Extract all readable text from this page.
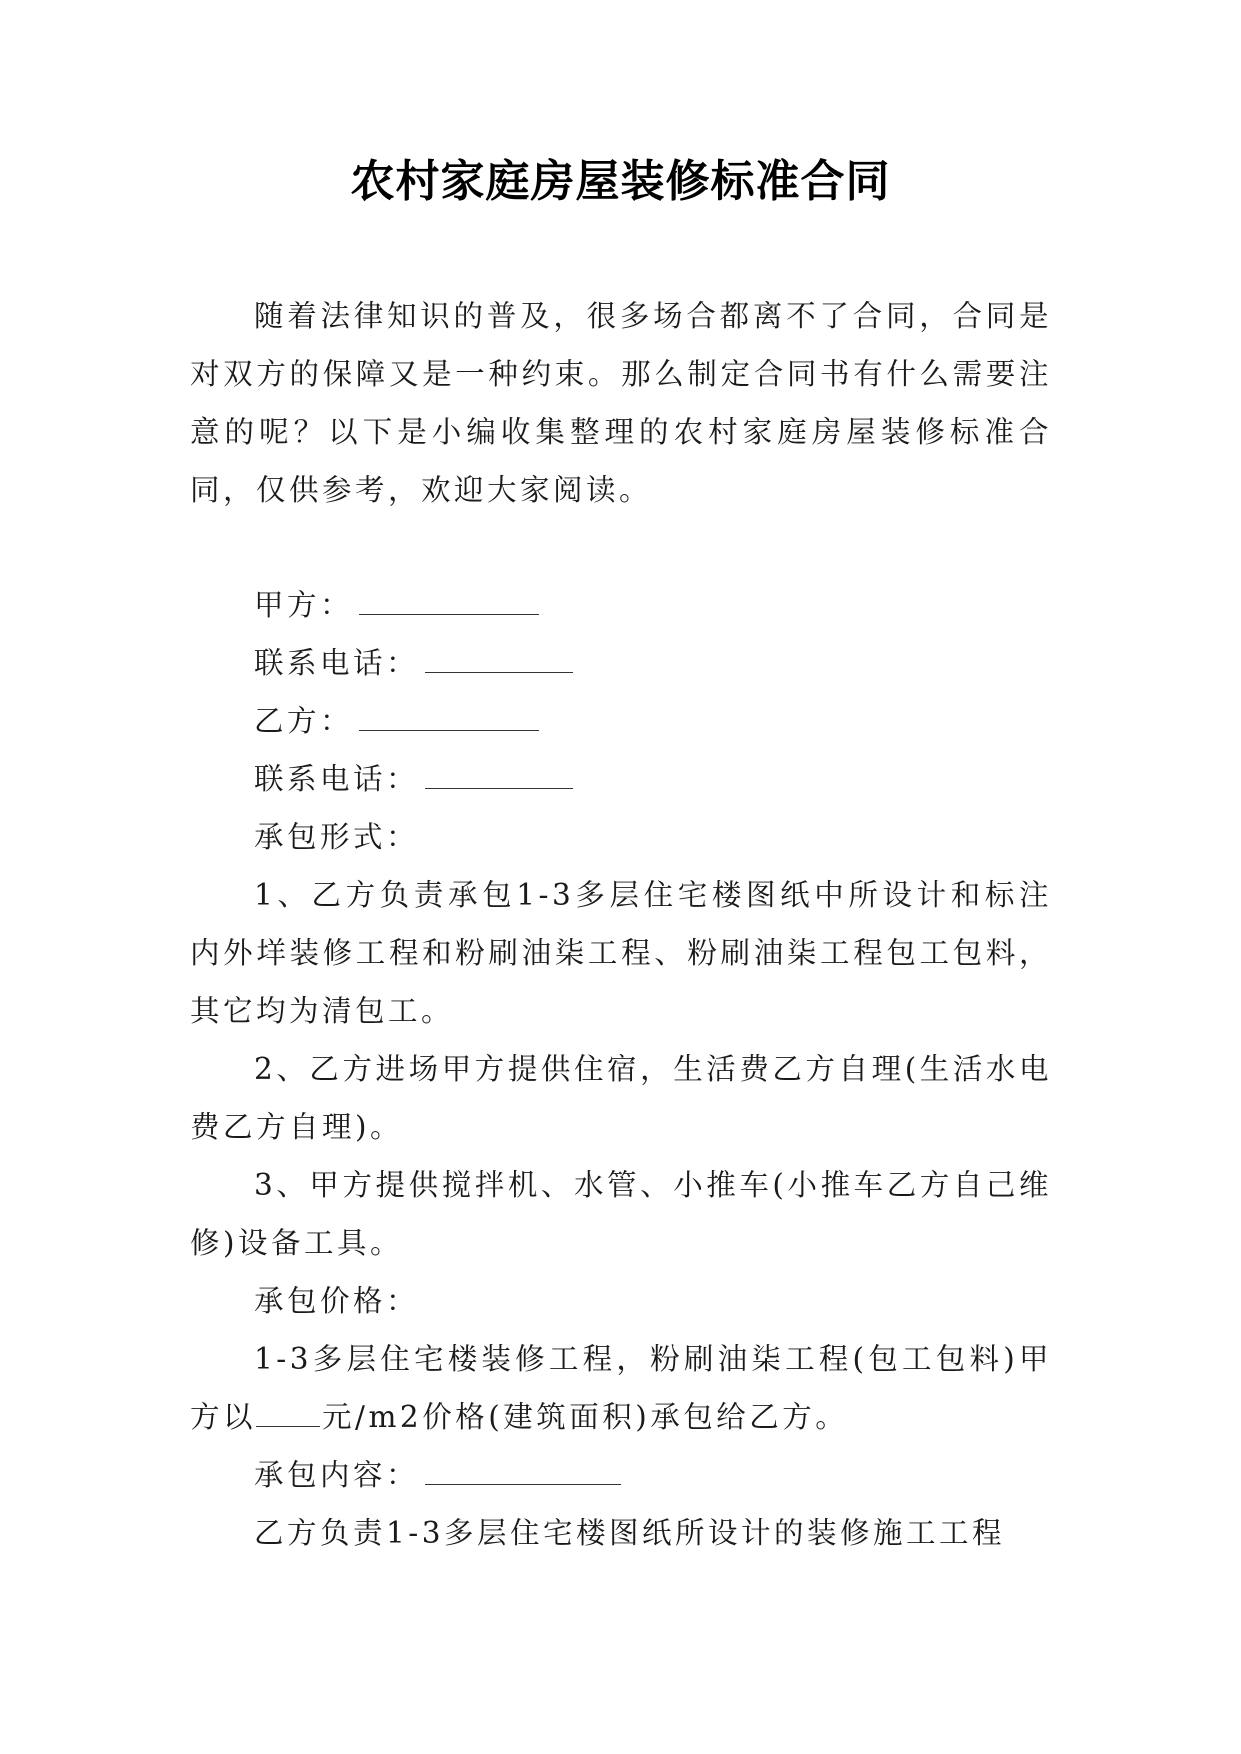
农村家庭房屋装修标准合同

随着法律知识的普及，很多场合都离不了合同，合同是对双方的保障又是一种约束。那么制定合同书有什么需要注意的呢？以下是小编收集整理的农村家庭房屋装修标准合同，仅供参考，欢迎大家阅读。

甲方：

联系电话：

乙方：

联系电话：

承包形式：

1、乙方负责承包1-3多层住宅楼图纸中所设计和标注内外垟装修工程和粉刷油柒工程、粉刷油柒工程包工包料，其它均为清包工。

2、乙方进场甲方提供住宿，生活费乙方自理(生活水电费乙方自理)。

3、甲方提供搅拌机、水管、小推车(小推车乙方自己维修)设备工具。

承包价格：

1-3多层住宅楼装修工程，粉刷油柒工程(包工包料)甲方以 元/m2价格(建筑面积)承包给乙方。

承包内容：

乙方负责1-3多层住宅楼图纸所设计的装修施工工程
